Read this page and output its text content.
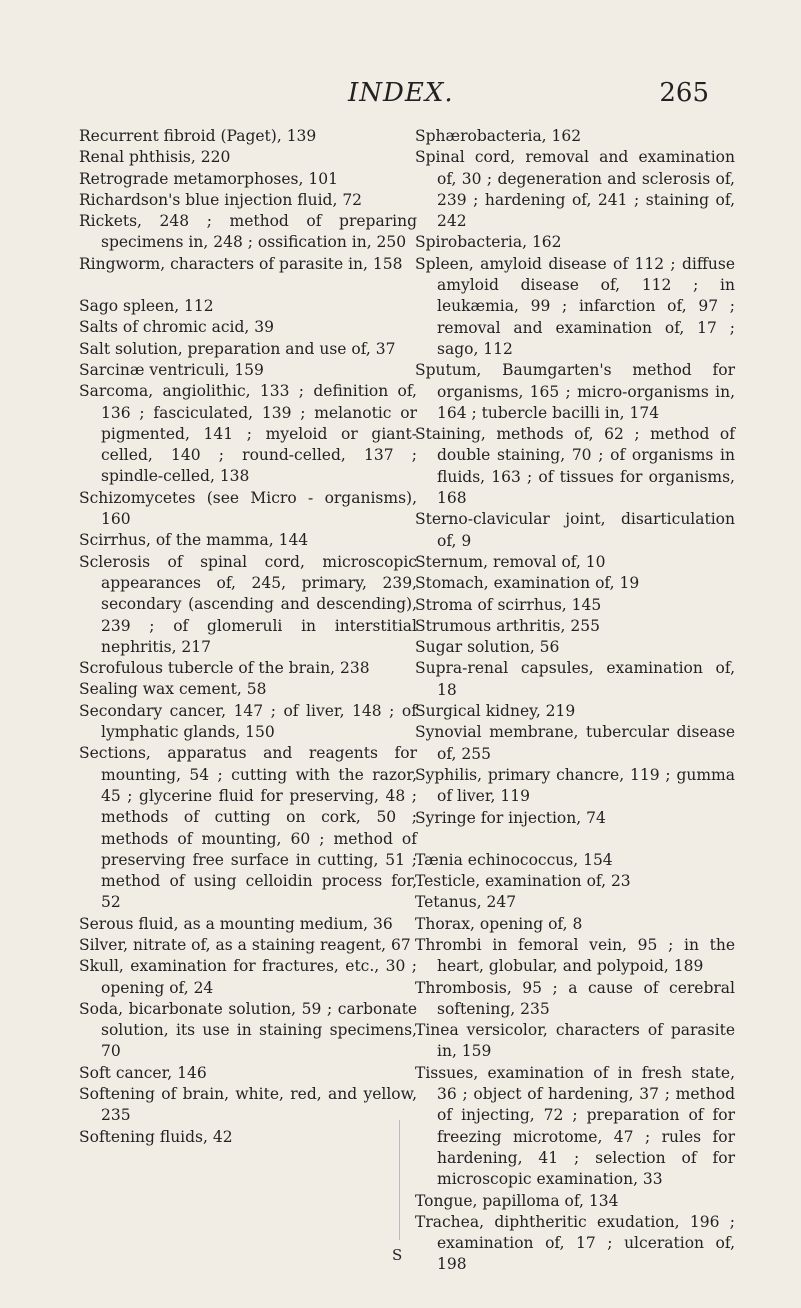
INDEX.	265

Recurrent fibroid (Paget), 139

Renal phthisis, 220

Retrograde metamorphoses, 101

Richardson's blue injection fluid, 72

Rickets, 248 ; method of preparing specimens in, 248 ; ossification in, 250

Ringworm, characters of parasite in, 158

Sago spleen, 112

Salts of chromic acid, 39

Salt solution, preparation and use of, 37

Sarcinæ ventriculi, 159

Sarcoma, angiolithic, 133 ; definition of, 136 ; fasciculated, 139 ; melanotic or pigmented, 141 ; myeloid or giant-celled, 140 ; round-celled, 137 ; spindle-celled, 138

Schizomycetes (see Micro - organisms), 160

Scirrhus, of the mamma, 144

Sclerosis of spinal cord, microscopic appearances of, 245, primary, 239, secondary (ascending and descending), 239 ; of glomeruli in interstitial nephritis, 217

Scrofulous tubercle of the brain, 238

Sealing wax cement, 58

Secondary cancer, 147 ; of liver, 148 ; of lymphatic glands, 150

Sections, apparatus and reagents for mounting, 54 ; cutting with the razor, 45 ; glycerine fluid for preserving, 48 ; methods of cutting on cork, 50 ; methods of mounting, 60 ; method of preserving free surface in cutting, 51 ; method of using celloidin process for, 52

Serous fluid, as a mounting medium, 36

Silver, nitrate of, as a staining reagent, 67

Skull, examination for fractures, etc., 30 ; opening of, 24

Soda, bicarbonate solution, 59 ; carbonate solution, its use in staining specimens, 70

Soft cancer, 146

Softening of brain, white, red, and yellow, 235

Softening fluids, 42

Sphærobacteria, 162

Spinal cord, removal and examination of, 30 ; degeneration and sclerosis of, 239 ; hardening of, 241 ; staining of, 242

Spirobacteria, 162

Spleen, amyloid disease of 112 ; diffuse amyloid disease of, 112 ; in leukæmia, 99 ; infarction of, 97 ; removal and examination of, 17 ; sago, 112

Sputum, Baumgarten's method for organisms, 165 ; micro-organisms in, 164 ; tubercle bacilli in, 174

Staining, methods of, 62 ; method of double staining, 70 ; of organisms in fluids, 163 ; of tissues for organisms, 168

Sterno-clavicular joint, disarticulation of, 9

Sternum, removal of, 10

Stomach, examination of, 19

Stroma of scirrhus, 145

Strumous arthritis, 255

Sugar solution, 56

Supra-renal capsules, examination of, 18

Surgical kidney, 219

Synovial membrane, tubercular disease of, 255

Syphilis, primary chancre, 119 ; gumma of liver, 119

Syringe for injection, 74

Tænia echinococcus, 154

Testicle, examination of, 23

Tetanus, 247

Thorax, opening of, 8

Thrombi in femoral vein, 95 ; in the heart, globular, and polypoid, 189

Thrombosis, 95 ; a cause of cerebral softening, 235

Tinea versicolor, characters of parasite in, 159

Tissues, examination of in fresh state, 36 ; object of hardening, 37 ; method of injecting, 72 ; preparation of for freezing microtome, 47 ; rules for hardening, 41 ; selection of for microscopic examination, 33

Tongue, papilloma of, 134

Trachea, diphtheritic exudation, 196 ; examination of, 17 ; ulceration of, 198

S
